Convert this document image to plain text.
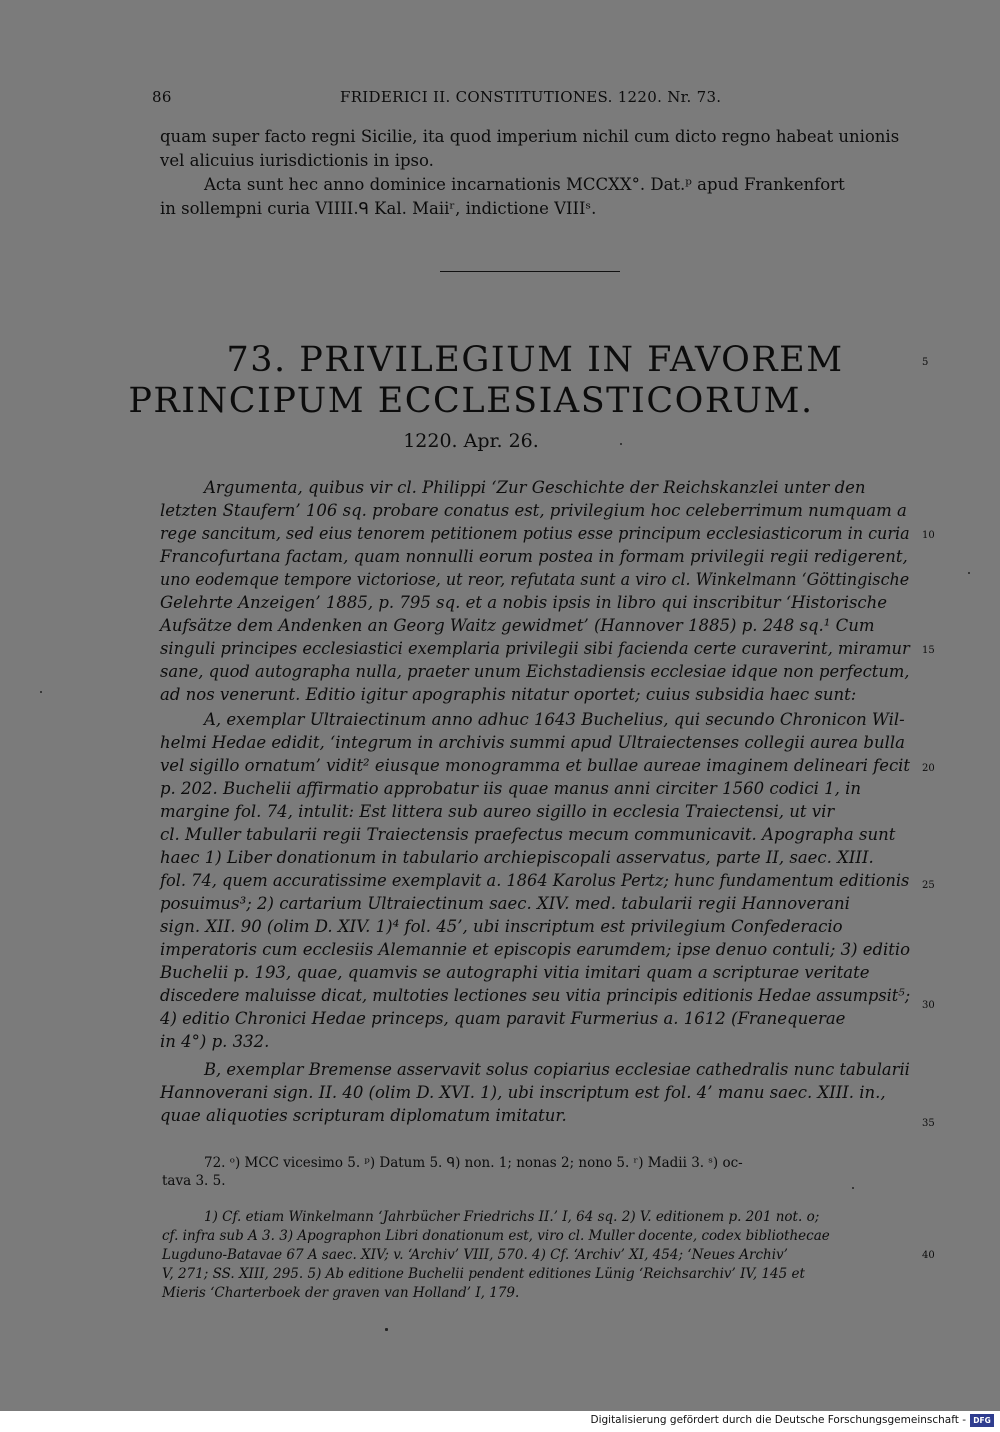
86	FRIDERICI II. CONSTITUTIONES. 1220. Nr. 73.
quam super facto regni Sicilie, ita quod imperium nichil cum dicto regno habeat unionis
vel alicuius iurisdictionis in ipso.
Acta sunt hec anno dominice incarnationis MCCXX°. Dat.ᵖ apud Frankenfort
in sollempni curia VIIII.ᑫ Kal. Maiiʳ, indictione VIIIˢ.
73. PRIVILEGIUM IN FAVOREM
PRINCIPUM ECCLESIASTICORUM.
1220. Apr. 26.
Argumenta, quibus vir cl. Philippi ‘Zur Geschichte der Reichskanzlei unter den
letzten Staufern’ 106 sq. probare conatus est, privilegium hoc celeberrimum numquam a
rege sancitum, sed eius tenorem petitionem potius esse principum ecclesiasticorum in curia
Francofurtana factam, quam nonnulli eorum postea in formam privilegii regii redigerent,
uno eodemque tempore victoriose, ut reor, refutata sunt a viro cl. Winkelmann ‘Göttingische
Gelehrte Anzeigen’ 1885, p. 795 sq. et a nobis ipsis in libro qui inscribitur ‘Historische
Aufsätze dem Andenken an Georg Waitz gewidmet’ (Hannover 1885) p. 248 sq.¹ Cum
singuli principes ecclesiastici exemplaria privilegii sibi facienda certe curaverint, miramur
sane, quod autographa nulla, praeter unum Eichstadiensis ecclesiae idque non perfectum,
ad nos venerunt. Editio igitur apographis nitatur oportet; cuius subsidia haec sunt:
A, exemplar Ultraiectinum anno adhuc 1643 Buchelius, qui secundo Chronicon Wil-
helmi Hedae edidit, ‘integrum in archivis summi apud Ultraiectenses collegii aurea bulla
vel sigillo ornatum’ vidit² eiusque monogramma et bullae aureae imaginem delineari fecit
p. 202. Buchelii affirmatio approbatur iis quae manus anni circiter 1560 codici 1, in
margine fol. 74, intulit: Est littera sub aureo sigillo in ecclesia Traiectensi, ut vir
cl. Muller tabularii regii Traiectensis praefectus mecum communicavit. Apographa sunt
haec 1) Liber donationum in tabulario archiepiscopali asservatus, parte II, saec. XIII.
fol. 74, quem accuratissime exemplavit a. 1864 Karolus Pertz; hunc fundamentum editionis
posuimus³; 2) cartarium Ultraiectinum saec. XIV. med. tabularii regii Hannoverani
sign. XII. 90 (olim D. XIV. 1)⁴ fol. 45’, ubi inscriptum est privilegium Confederacio
imperatoris cum ecclesiis Alemannie et episcopis earumdem; ipse denuo contuli; 3) editio
Buchelii p. 193, quae, quamvis se autographi vitia imitari quam a scripturae veritate
discedere maluisse dicat, multoties lectiones seu vitia principis editionis Hedae assumpsit⁵;
4) editio Chronici Hedae princeps, quam paravit Furmerius a. 1612 (Franequerae
in 4°) p. 332.
B, exemplar Bremense asservavit solus copiarius ecclesiae cathedralis nunc tabularii
Hannoverani sign. II. 40 (olim D. XVI. 1), ubi inscriptum est fol. 4’ manu saec. XIII. in.,
quae aliquoties scripturam diplomatum imitatur.
72. ᵒ) MCC vicesimo 5. ᵖ) Datum 5. ᑫ) non. 1; nonas 2; nono 5. ʳ) Madii 3. ˢ) oc-
tava 3. 5.
1) Cf. etiam Winkelmann ‘Jahrbücher Friedrichs II.’ I, 64 sq. 2) V. editionem p. 201 not. o;
cf. infra sub A 3. 3) Apographon Libri donationum est, viro cl. Muller docente, codex bibliothecae
Lugduno-Batavae 67 A saec. XIV; v. ‘Archiv’ VIII, 570. 4) Cf. ‘Archiv’ XI, 454; ‘Neues Archiv’
V, 271; SS. XIII, 295. 5) Ab editione Buchelii pendent editiones Lünig ‘Reichsarchiv’ IV, 145 et
Mieris ‘Charterboek der graven van Holland’ I, 179.
5
10
15
20
25
30
35
40
Digitalisierung gefördert durch die Deutsche Forschungsgemeinschaft - DFG
